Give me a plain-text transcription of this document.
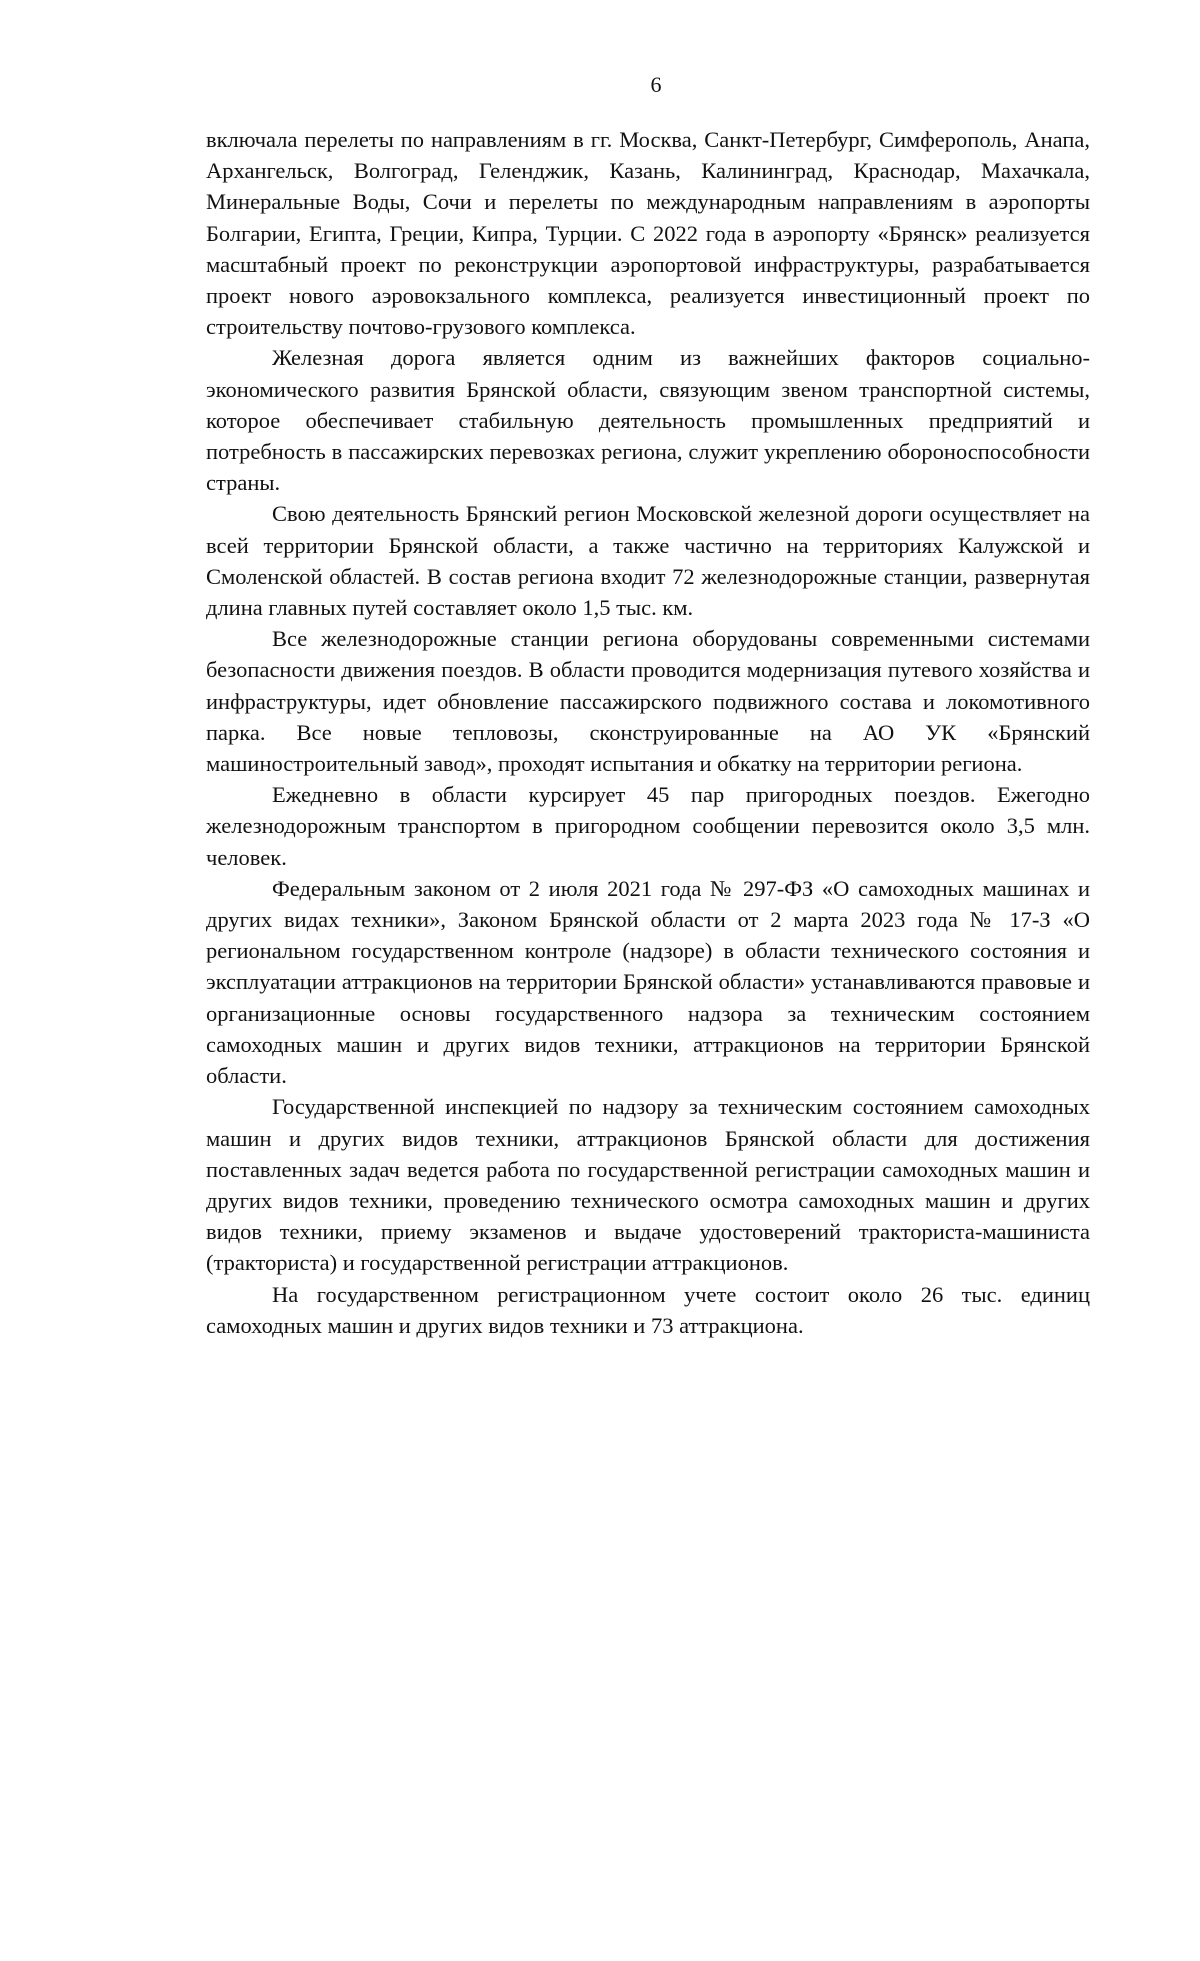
6

включала перелеты по направлениям в гг. Москва, Санкт-Петербург, Симферополь, Анапа, Архангельск, Волгоград, Геленджик, Казань, Калининград, Краснодар, Махачкала, Минеральные Воды, Сочи и перелеты по международным направлениям в аэропорты Болгарии, Египта, Греции, Кипра, Турции. С 2022 года в аэропорту «Брянск» реализуется масштабный проект по реконструкции аэропортовой инфраструктуры, разрабатывается проект нового аэровокзального комплекса, реализуется инвестиционный проект по строительству почтово-грузового комплекса.

Железная дорога является одним из важнейших факторов социально-экономического развития Брянской области, связующим звеном транспортной системы, которое обеспечивает стабильную деятельность промышленных предприятий и потребность в пассажирских перевозках региона, служит укреплению обороноспособности страны.

Свою деятельность Брянский регион Московской железной дороги осуществляет на всей территории Брянской области, а также частично на территориях Калужской и Смоленской областей. В состав региона входит 72 железнодорожные станции, развернутая длина главных путей составляет около 1,5 тыс. км.

Все железнодорожные станции региона оборудованы современными системами безопасности движения поездов. В области проводится модернизация путевого хозяйства и инфраструктуры, идет обновление пассажирского подвижного состава и локомотивного парка. Все новые тепловозы, сконструированные на АО УК «Брянский машиностроительный завод», проходят испытания и обкатку на территории региона.

Ежедневно в области курсирует 45 пар пригородных поездов. Ежегодно железнодорожным транспортом в пригородном сообщении перевозится около 3,5 млн. человек.

Федеральным законом от 2 июля 2021 года № 297-ФЗ «О самоходных машинах и других видах техники», Законом Брянской области от 2 марта 2023 года № 17-З «О региональном государственном контроле (надзоре) в области технического состояния и эксплуатации аттракционов на территории Брянской области» устанавливаются правовые и организационные основы государственного надзора за техническим состоянием самоходных машин и других видов техники, аттракционов на территории Брянской области.

Государственной инспекцией по надзору за техническим состоянием самоходных машин и других видов техники, аттракционов Брянской области для достижения поставленных задач ведется работа по государственной регистрации самоходных машин и других видов техники, проведению технического осмотра самоходных машин и других видов техники, приему экзаменов и выдаче удостоверений тракториста-машиниста (тракториста) и государственной регистрации аттракционов.

На государственном регистрационном учете состоит около 26 тыс. единиц самоходных машин и других видов техники и 73 аттракциона.
